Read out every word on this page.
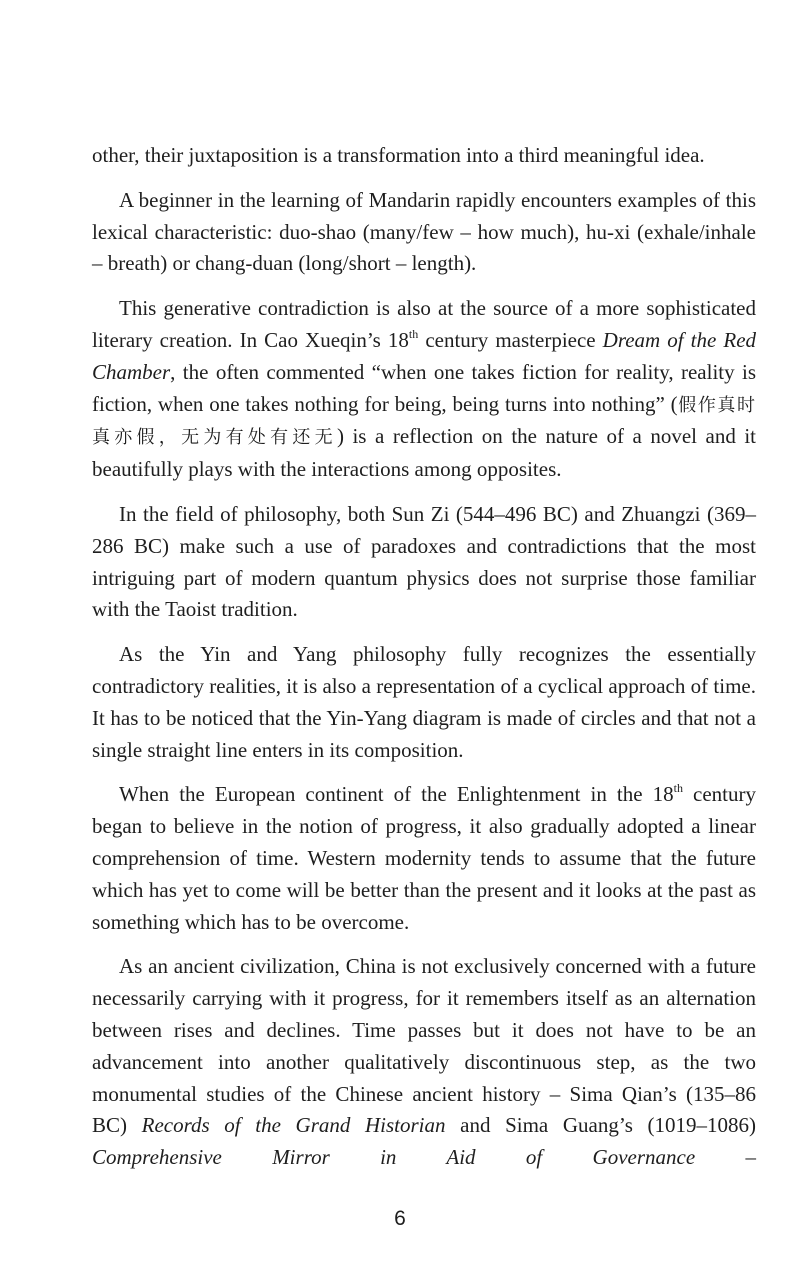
other, their juxtaposition is a transformation into a third meaningful idea.

A beginner in the learning of Mandarin rapidly encounters examples of this lexical characteristic: duo-shao (many/few – how much), hu-xi (exhale/inhale – breath) or chang-duan (long/short – length).

This generative contradiction is also at the source of a more sophisticated literary creation. In Cao Xueqin’s 18th century masterpiece Dream of the Red Chamber, the often commented “when one takes fiction for reality, reality is fiction, when one takes nothing for being, being turns into nothing” (假作真时真亦假，无为有处有还无) is a reflection on the nature of a novel and it beautifully plays with the interactions among opposites.

In the field of philosophy, both Sun Zi (544–496 BC) and Zhuangzi (369–286 BC) make such a use of paradoxes and contradictions that the most intriguing part of modern quantum physics does not surprise those familiar with the Taoist tradition.

As the Yin and Yang philosophy fully recognizes the essentially contradictory realities, it is also a representation of a cyclical approach of time. It has to be noticed that the Yin-Yang diagram is made of circles and that not a single straight line enters in its composition.

When the European continent of the Enlightenment in the 18th century began to believe in the notion of progress, it also gradually adopted a linear comprehension of time. Western modernity tends to assume that the future which has yet to come will be better than the present and it looks at the past as something which has to be overcome.

As an ancient civilization, China is not exclusively concerned with a future necessarily carrying with it progress, for it remembers itself as an alternation between rises and declines. Time passes but it does not have to be an advancement into another qualitatively discontinuous step, as the two monumental studies of the Chinese ancient history – Sima Qian’s (135–86 BC) Records of the Grand Historian and Sima Guang’s (1019–1086) Comprehensive Mirror in Aid of Governance –

6
